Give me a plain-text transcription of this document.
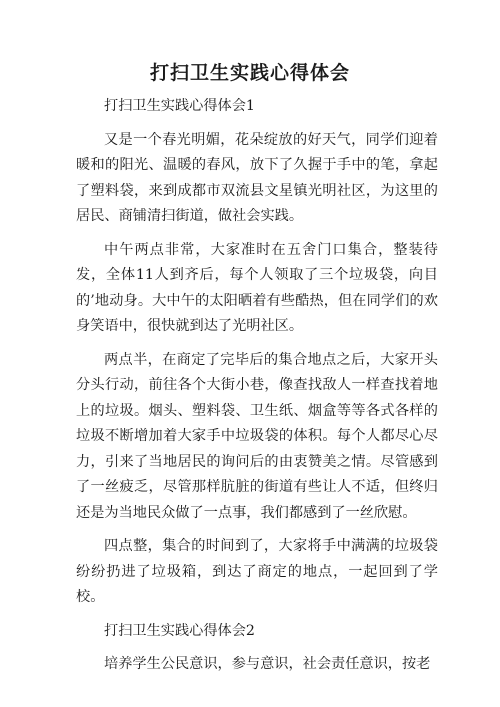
打扫卫生实践心得体会
打扫卫生实践心得体会1
又是一个春光明媚，花朵绽放的好天气，同学们迎着暖和的阳光、温暖的春风，放下了久握于手中的笔，拿起了塑料袋，来到成都市双流县文星镇光明社区，为这里的居民、商铺清扫街道，做社会实践。
中午两点非常，大家准时在五舍门口集合，整装待发，全体11人到齐后，每个人领取了三个垃圾袋，向目的’地动身。大中午的太阳晒着有些酷热，但在同学们的欢身笑语中，很快就到达了光明社区。
两点半，在商定了完毕后的集合地点之后，大家开头分头行动，前往各个大街小巷，像查找敌人一样查找着地上的垃圾。烟头、塑料袋、卫生纸、烟盒等等各式各样的垃圾不断增加着大家手中垃圾袋的体积。每个人都尽心尽力，引来了当地居民的询问后的由衷赞美之情。尽管感到了一丝疲乏，尽管那样肮脏的街道有些让人不适，但终归还是为当地民众做了一点事，我们都感到了一丝欣慰。
四点整，集合的时间到了，大家将手中满满的垃圾袋纷纷扔进了垃圾箱，到达了商定的地点，一起回到了学校。
打扫卫生实践心得体会2
培养学生公民意识，参与意识，社会责任意识，按老
